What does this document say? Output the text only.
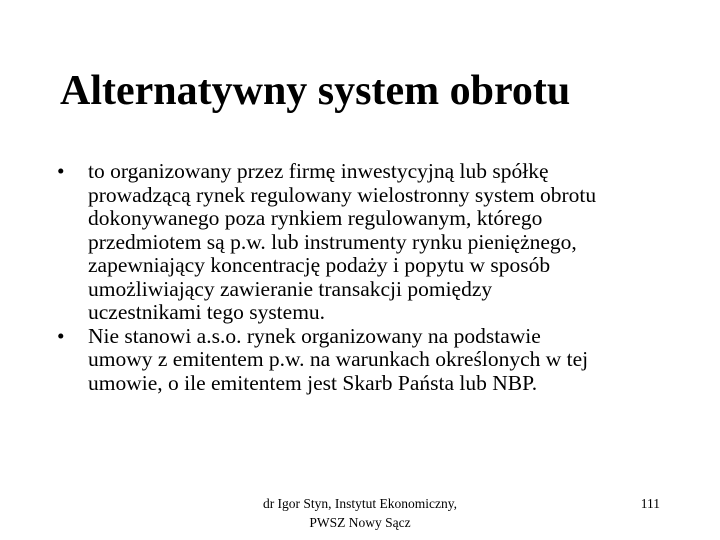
Alternatywny system obrotu
•	to organizowany przez firmę inwestycyjną lub spółkę
prowadzącą rynek regulowany wielostronny system obrotu
dokonywanego poza rynkiem regulowanym, którego
przedmiotem są p.w. lub instrumenty rynku pieniężnego,
zapewniający koncentrację podaży i popytu w sposób
umożliwiający zawieranie transakcji pomiędzy
uczestnikami tego systemu.
•	Nie stanowi a.s.o. rynek organizowany na podstawie
umowy z emitentem p.w. na warunkach określonych w tej
umowie, o ile emitentem jest Skarb Państa lub NBP.
dr Igor Styn, Instytut Ekonomiczny,
PWSZ Nowy Sącz
111
